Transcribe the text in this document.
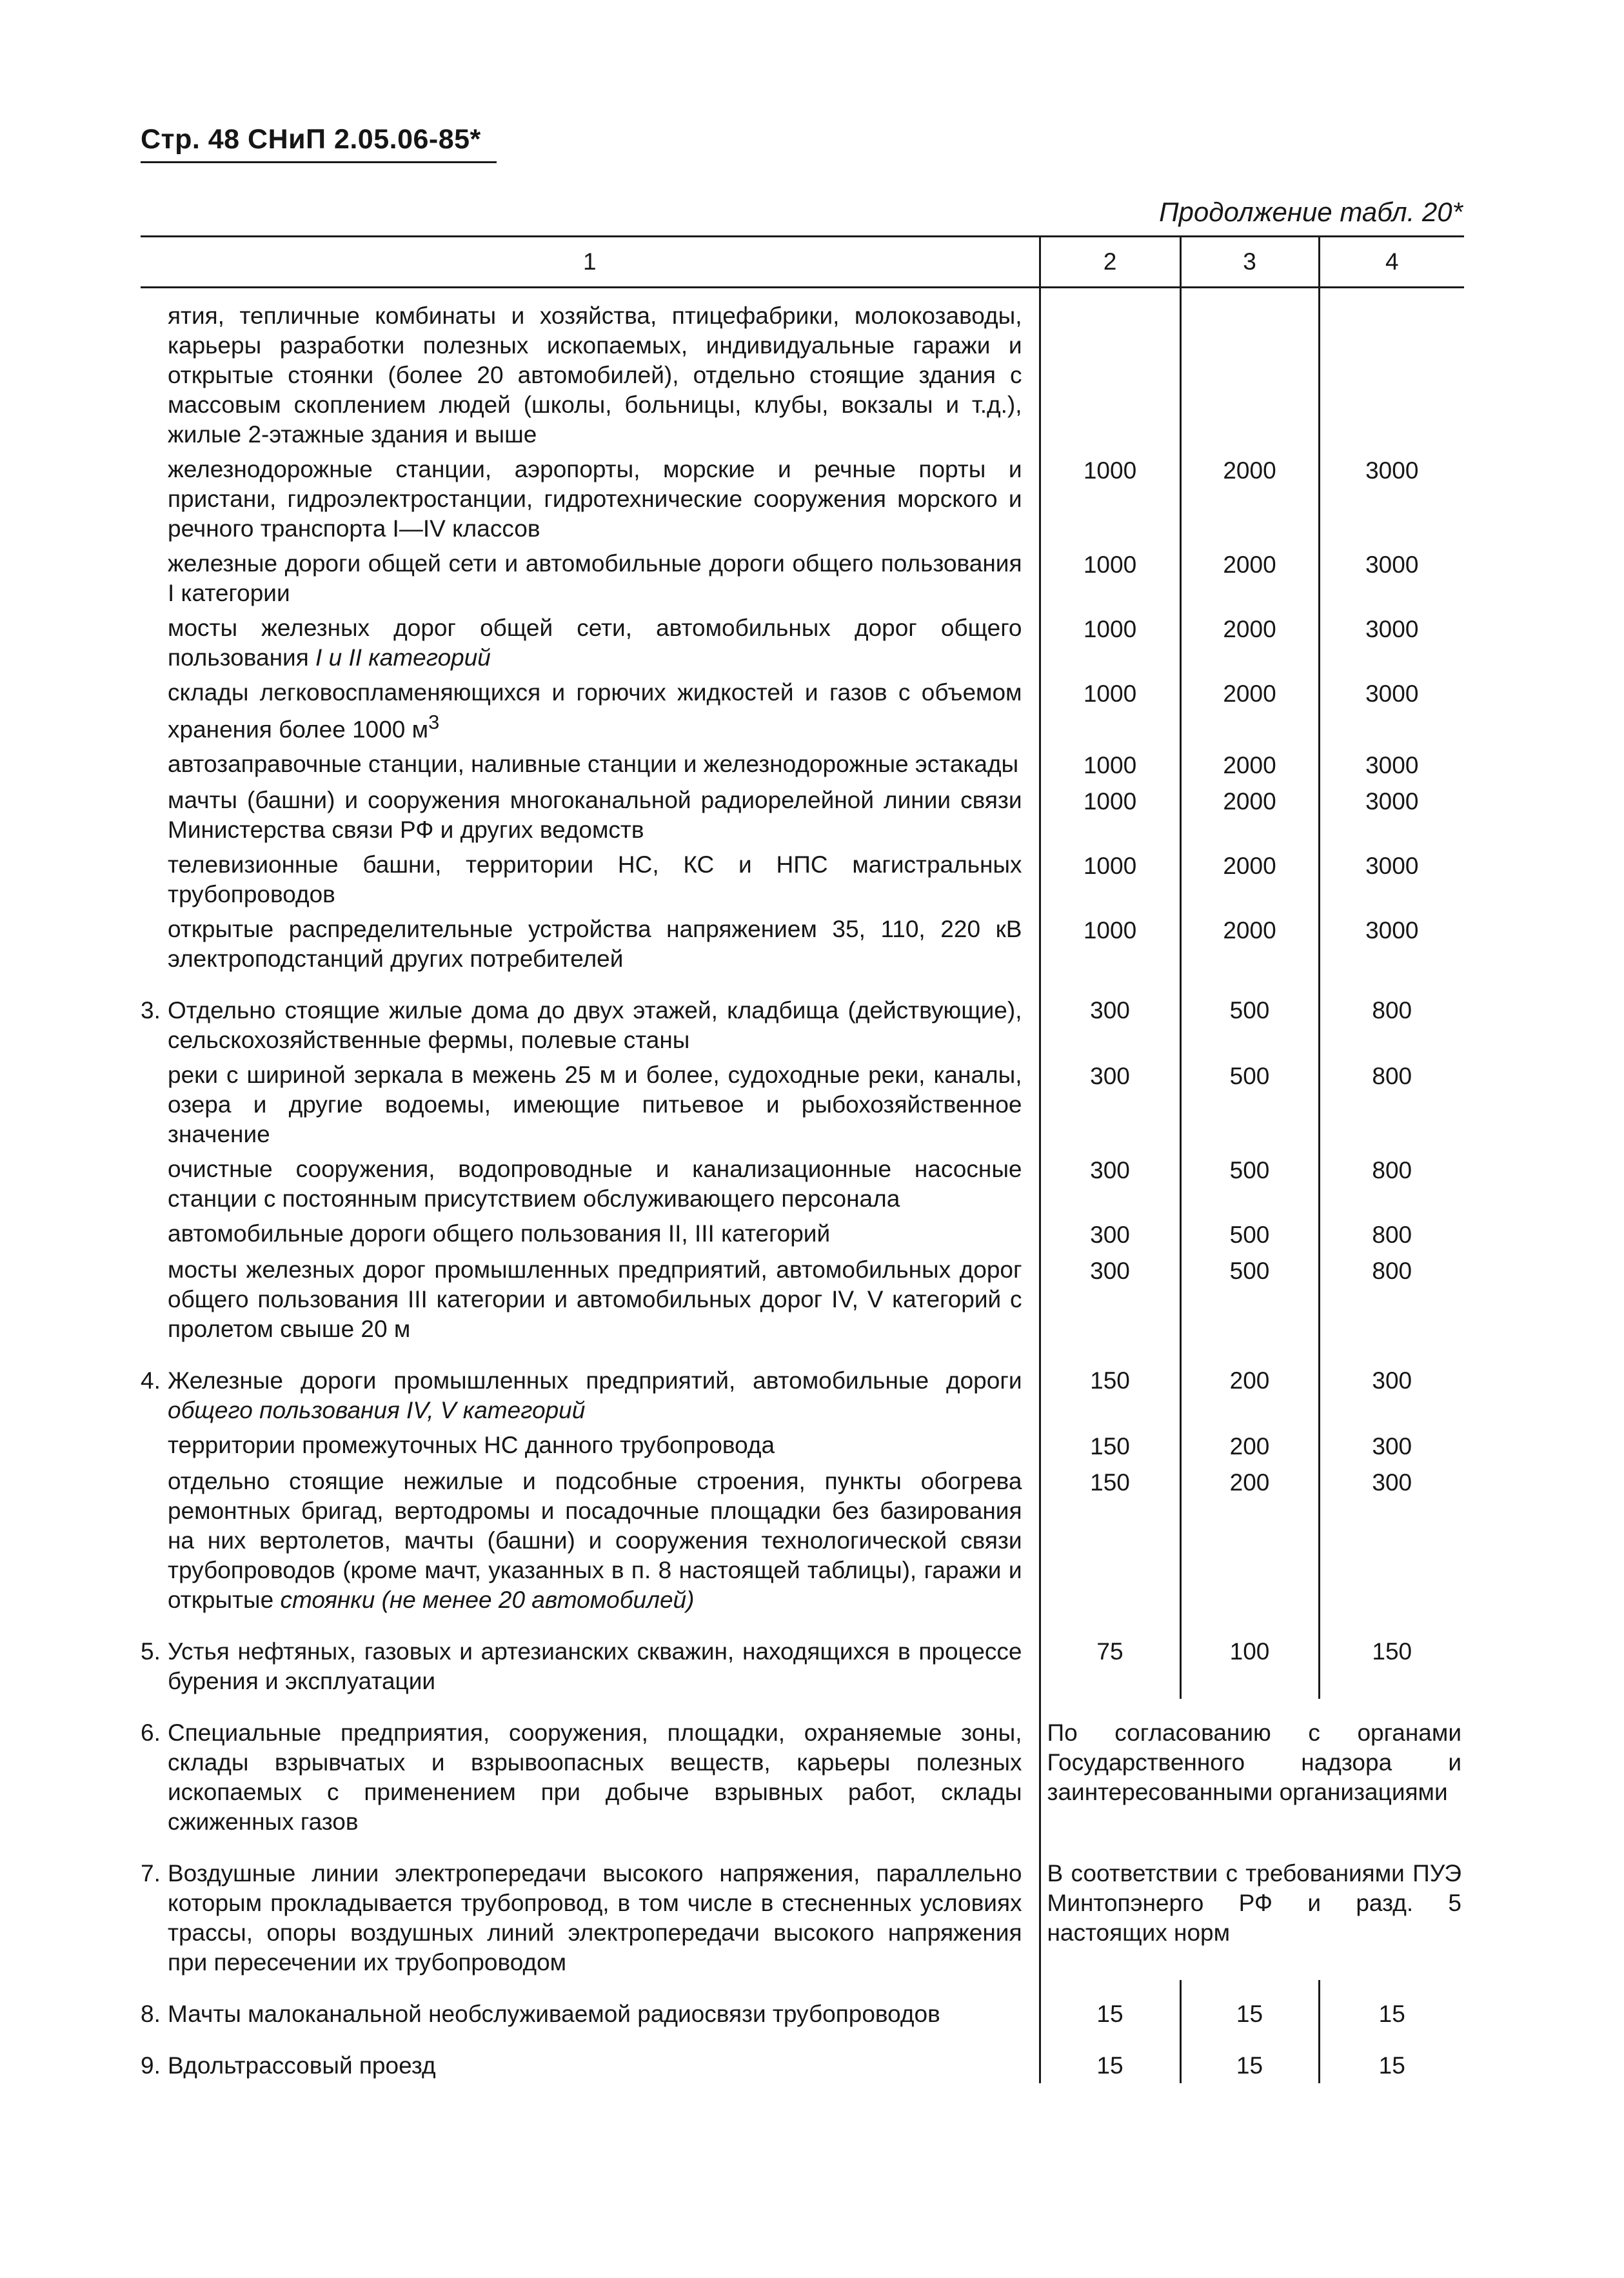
Стр. 48 СНиП 2.05.06-85*
Продолжение табл. 20*
1	2	3	4

ятия, тепличные комбинаты и хозяйства, птицефабрики, молокозаводы, карьеры разработки полезных ископаемых, индивидуальные гаражи и открытые стоянки (более 20 автомобилей), отдельно стоящие здания с массовым скоплением людей (школы, больницы, клубы, вокзалы и т.д.), жилые 2-этажные здания и выше			

железнодорожные станции, аэропорты, морские и речные порты и пристани, гидроэлектростанции, гидротехнические сооружения морского и речного транспорта I—IV классов	1000	2000	3000

железные дороги общей сети и автомобильные дороги общего пользования I категории	1000	2000	3000

мосты железных дорог общей сети, автомобильных дорог общего пользования I и II категорий	1000	2000	3000

склады легковоспламеняющихся и горючих жидкостей и газов с объемом хранения более 1000 $м^3$	1000	2000	3000

автозаправочные станции, наливные станции и железнодорожные эстакады	1000	2000	3000

мачты (башни) и сооружения многоканальной радиорелейной линии связи Министерства связи РФ и других ведомств	1000	2000	3000

телевизионные башни, территории НС, КС и НПС магистральных трубопроводов	1000	2000	3000

открытые распределительные устройства напряжением 35, 110, 220 кВ электроподстанций других потребителей	1000	2000	3000

3. Отдельно стоящие жилые дома до двух этажей, кладбища (действующие), сельскохозяйственные фермы, полевые станы	300	500	800

реки с шириной зеркала в межень 25 м и более, судоходные реки, каналы, озера и другие водоемы, имеющие питьевое и рыбохозяйственное значение	300	500	800

очистные сооружения, водопроводные и канализационные насосные станции с постоянным присутствием обслуживающего персонала	300	500	800

автомобильные дороги общего пользования II, III категорий	300	500	800

мосты железных дорог промышленных предприятий, автомобильных дорог общего пользования III категории и автомобильных дорог IV, V категорий с пролетом свыше 20 м	300	500	800

4. Железные дороги промышленных предприятий, автомобильные дороги общего пользования IV, V категорий	150	200	300

территории промежуточных НС данного трубопровода	150	200	300

отдельно стоящие нежилые и подсобные строения, пункты обогрева ремонтных бригад, вертодромы и посадочные площадки без базирования на них вертолетов, мачты (башни) и сооружения технологической связи трубопроводов (кроме мачт, указанных в п. 8 настоящей таблицы), гаражи и открытые стоянки (не менее 20 автомобилей)	150	200	300

5. Устья нефтяных, газовых и артезианских скважин, находящихся в процессе бурения и эксплуатации	75	100	150

6. Специальные предприятия, сооружения, площадки, охраняемые зоны, склады взрывчатых и взрывоопасных веществ, карьеры полезных ископаемых с применением при добыче взрывных работ, склады сжиженных газов	По согласованию с органами Государственного надзора и заинтересованными организациями		

7. Воздушные линии электропередачи высокого напряжения, параллельно которым прокладывается трубопровод, в том числе в стесненных условиях трассы, опоры воздушных линий электропередачи высокого напряжения при пересечении их трубопроводом	В соответствии с требованиями ПУЭ Минтопэнерго РФ и разд. 5 настоящих норм		

8. Мачты малоканальной необслуживаемой радиосвязи трубопроводов	15	15	15

9. Вдольтрассовый проезд	15	15	15
